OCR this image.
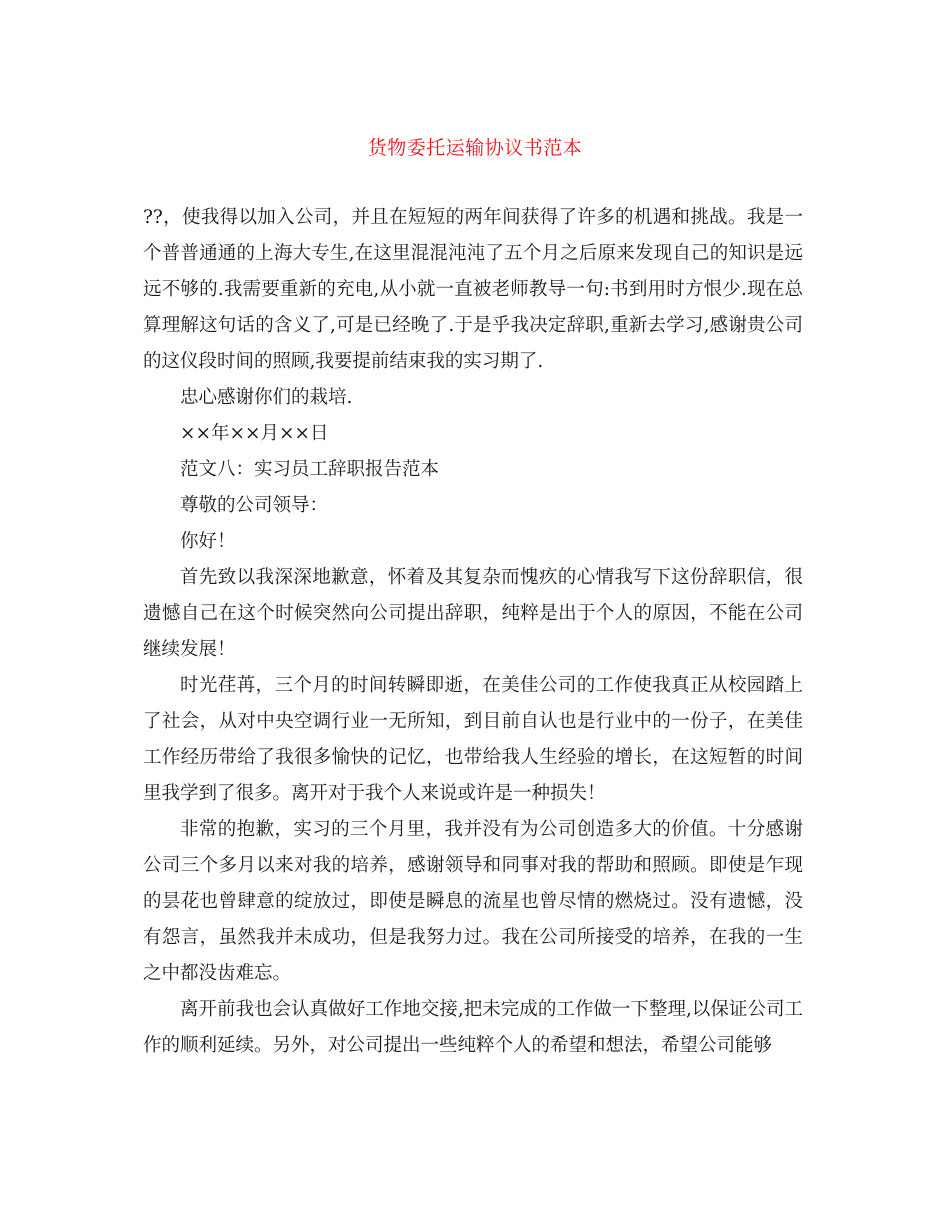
货物委托运输协议书范本

??，使我得以加入公司，并且在短短的两年间获得了许多的机遇和挑战。我是一个普普通通的上海大专生,在这里混混沌沌了五个月之后原来发现自己的知识是远远不够的.我需要重新的充电,从小就一直被老师教导一句:书到用时方恨少.现在总算理解这句话的含义了,可是已经晚了.于是乎我决定辞职,重新去学习,感谢贵公司的这仪段时间的照顾,我要提前结束我的实习期了.

忠心感谢你们的栽培.

××年××月××日

范文八：实习员工辞职报告范本

尊敬的公司领导：

你好！

首先致以我深深地歉意，怀着及其复杂而愧疚的心情我写下这份辞职信，很遗憾自己在这个时候突然向公司提出辞职，纯粹是出于个人的原因，不能在公司继续发展！

时光荏苒，三个月的时间转瞬即逝，在美佳公司的工作使我真正从校园踏上了社会，从对中央空调行业一无所知，到目前自认也是行业中的一份子，在美佳工作经历带给了我很多愉快的记忆，也带给我人生经验的增长，在这短暂的时间里我学到了很多。离开对于我个人来说或许是一种损失！

非常的抱歉，实习的三个月里，我并没有为公司创造多大的价值。十分感谢公司三个多月以来对我的培养，感谢领导和同事对我的帮助和照顾。即使是乍现的昙花也曾肆意的绽放过，即使是瞬息的流星也曾尽情的燃烧过。没有遗憾，没有怨言，虽然我并未成功，但是我努力过。我在公司所接受的培养，在我的一生之中都没齿难忘。

离开前我也会认真做好工作地交接,把未完成的工作做一下整理,以保证公司工作的顺利延续。另外，对公司提出一些纯粹个人的希望和想法，希望公司能够
